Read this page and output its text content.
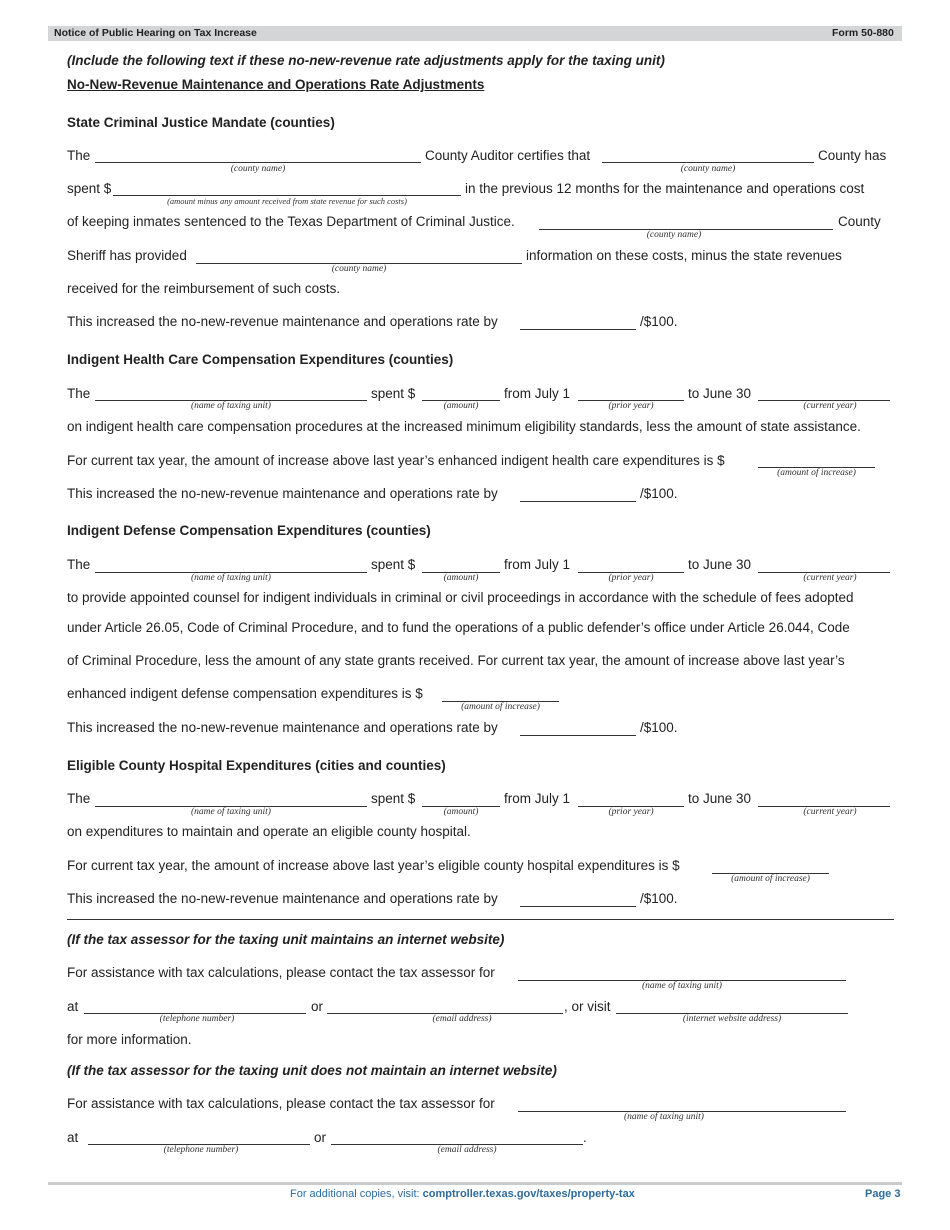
Notice of Public Hearing on Tax Increase	Form 50-880
(Include the following text if these no-new-revenue rate adjustments apply for the taxing unit)
No-New-Revenue Maintenance and Operations Rate Adjustments
State Criminal Justice Mandate (counties)
The
(county name)
County Auditor certifies that
(county name)
County has
spent $
(amount minus any amount received from state revenue for such costs)
in the previous 12 months for the maintenance and operations cost
of keeping inmates sentenced to the Texas Department of Criminal Justice.
(county name)
County
Sheriff has provided
(county name)
information on these costs, minus the state revenues
received for the reimbursement of such costs.
This increased the no-new-revenue maintenance and operations rate by	/$100.
Indigent Health Care Compensation Expenditures (counties)
The
(name of taxing unit)
spent $
(amount)
from July 1
(prior year)
to June 30
(current year)
on indigent health care compensation procedures at the increased minimum eligibility standards, less the amount of state assistance.
For current tax year, the amount of increase above last year’s enhanced indigent health care expenditures is $
(amount of increase)
This increased the no-new-revenue maintenance and operations rate by	/$100.
Indigent Defense Compensation Expenditures (counties)
The
(name of taxing unit)
spent $
(amount)
from July 1
(prior year)
to June 30
(current year)
to provide appointed counsel for indigent individuals in criminal or civil proceedings in accordance with the schedule of fees adopted
under Article 26.05, Code of Criminal Procedure, and to fund the operations of a public defender’s office under Article 26.044, Code
of Criminal Procedure, less the amount of any state grants received. For current tax year, the amount of increase above last year’s
enhanced indigent defense compensation expenditures is $
(amount of increase)
This increased the no-new-revenue maintenance and operations rate by	/$100.
Eligible County Hospital Expenditures (cities and counties)
The
(name of taxing unit)
spent $
(amount)
from July 1
(prior year)
to June 30
(current year)
on expenditures to maintain and operate an eligible county hospital.
For current tax year, the amount of increase above last year’s eligible county hospital expenditures is $
(amount of increase)
This increased the no-new-revenue maintenance and operations rate by	/$100.
(If the tax assessor for the taxing unit maintains an internet website)
For assistance with tax calculations, please contact the tax assessor for
(name of taxing unit)
at
(telephone number)
or
(email address)
, or visit
(internet website address)
for more information.
(If the tax assessor for the taxing unit does not maintain an internet website)
For assistance with tax calculations, please contact the tax assessor for
(name of taxing unit)
at
(telephone number)
or
(email address)
.
For additional copies, visit: comptroller.texas.gov/taxes/property-tax	Page 3
